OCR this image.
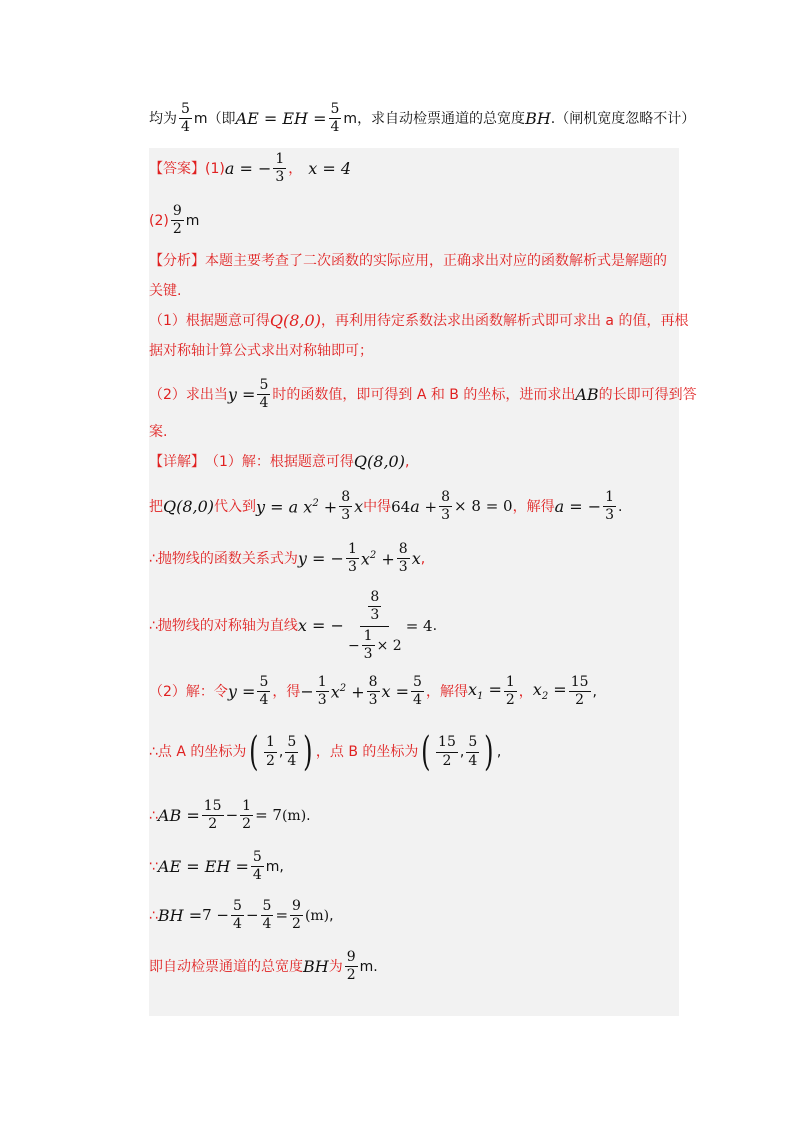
均为 $\frac{5}{4}$ m （即 AE = EH = $\frac{5}{4}$ m ，求自动检票通道的总宽度 BH .（闸机宽度忽略不计）
【答案】 (1) a = − $\frac{1}{3}$ ， x = 4
$(2) \frac{9}{2}$ m
【分析】 本题主要考查了二次函数的实际应用，正确求出对应的函数解析式是解题的
关键.
（1）根据题意可得 Q(8,0) ，再利用待定系数法求出函数解析式即可求出 a 的值，再根
据对称轴计算公式求出对称轴即可；
（2）求出当 $y = \frac{5}{4}$ 时的函数值，即可得到 A 和 B 的坐标，进而求出 AB 的长即可得到答
案.
【详解】 （1）解：根据题意可得 Q(8,0) ,
把 Q(8,0) 代入到 y = a $x^2 + \frac{8}{3}$ x 中得 $64a + \frac{8}{3} \times 8 = 0$ ，解得 a = − $\frac{1}{3}$ .
∴抛物线的函数关系式为 y = − $\frac{1}{3} x^2 + \frac{8}{3}$ x ,
∴抛物线的对称轴为直线 x = − $\frac{\frac{8}{3}}{- \frac{1}{3} \times 2} = 4$ .
（2）解：令 $y = \frac{5}{4}$ ，得 − $\frac{1}{3} x^2 + \frac{8}{3}$ $x = \frac{5}{4}$ ，解得 $x_1 = \frac{1}{2}$ ， $x_2 = \frac{15}{2}$ ,
∴点 A 的坐标为 ( $\frac{1}{2}$ , $\frac{5}{4}$ ) ，点 B 的坐标为 ( $\frac{15}{2}$ , $\frac{5}{4}$ ) ,
∴ AB = $\frac{15}{2} - \frac{1}{2} = 7$ (m) .
∵ AE = EH = $\frac{5}{4}$ m ,
∴ BH = $7 - \frac{5}{4} - \frac{5}{4} = \frac{9}{2} (m)$ ,
即自动检票通道的总宽度 BH 为 $\frac{9}{2}$ m .
